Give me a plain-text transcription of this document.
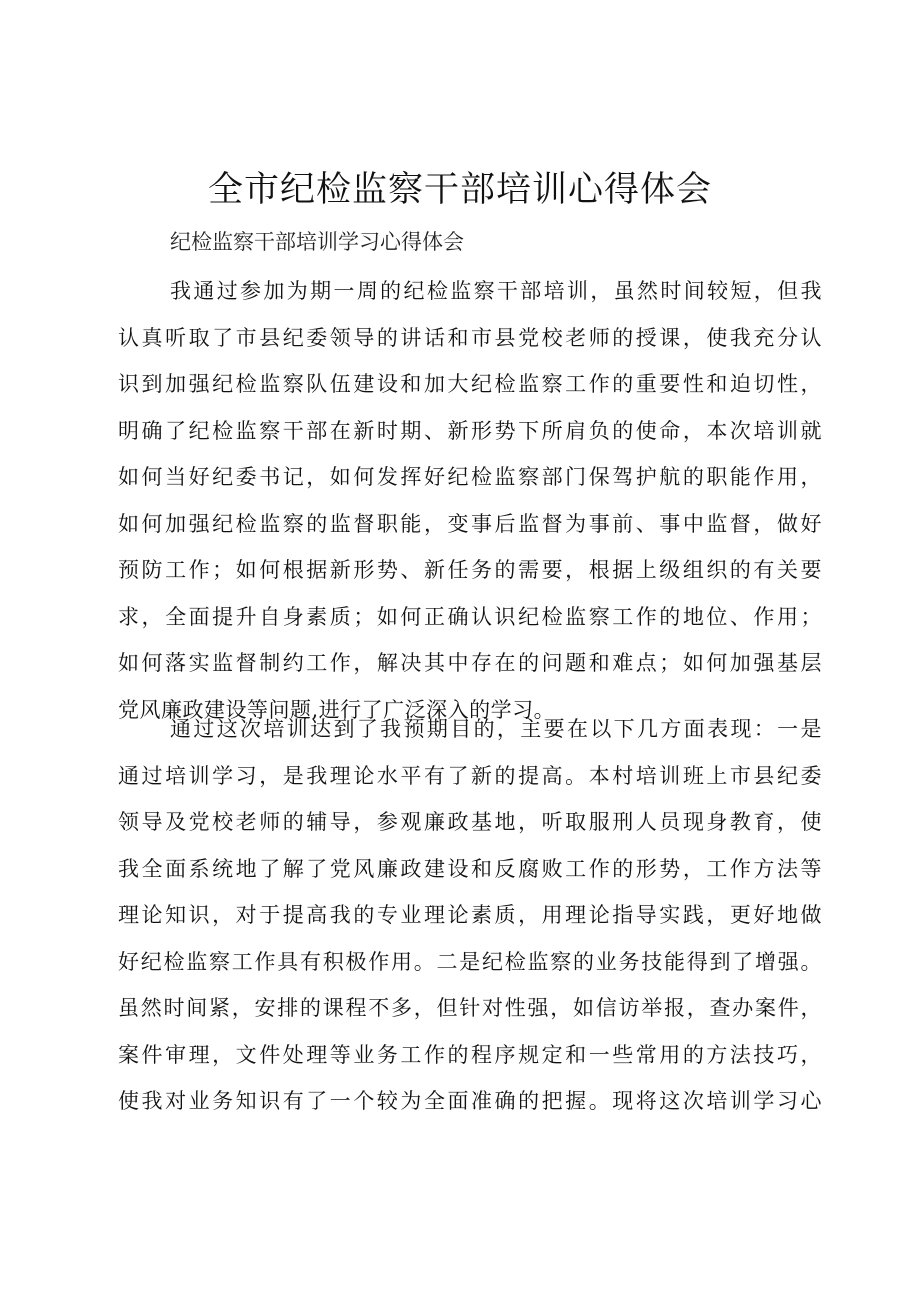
全市纪检监察干部培训心得体会
纪检监察干部培训学习心得体会
我通过参加为期一周的纪检监察干部培训，虽然时间较短，但我
认真听取了市县纪委领导的讲话和市县党校老师的授课，使我充分认
识到加强纪检监察队伍建设和加大纪检监察工作的重要性和迫切性，
明确了纪检监察干部在新时期、新形势下所肩负的使命，本次培训就
如何当好纪委书记，如何发挥好纪检监察部门保驾护航的职能作用，
如何加强纪检监察的监督职能，变事后监督为事前、事中监督，做好
预防工作；如何根据新形势、新任务的需要，根据上级组织的有关要
求，全面提升自身素质；如何正确认识纪检监察工作的地位、作用；
如何落实监督制约工作，解决其中存在的问题和难点；如何加强基层
党风廉政建设等问题,进行了广泛深入的学习。
通过这次培训达到了我预期目的，主要在以下几方面表现：一是
通过培训学习，是我理论水平有了新的提高。本村培训班上市县纪委
领导及党校老师的辅导，参观廉政基地，听取服刑人员现身教育，使
我全面系统地了解了党风廉政建设和反腐败工作的形势，工作方法等
理论知识，对于提高我的专业理论素质，用理论指导实践，更好地做
好纪检监察工作具有积极作用。二是纪检监察的业务技能得到了增强。
虽然时间紧，安排的课程不多，但针对性强，如信访举报，查办案件，
案件审理，文件处理等业务工作的程序规定和一些常用的方法技巧，
使我对业务知识有了一个较为全面准确的把握。现将这次培训学习心
